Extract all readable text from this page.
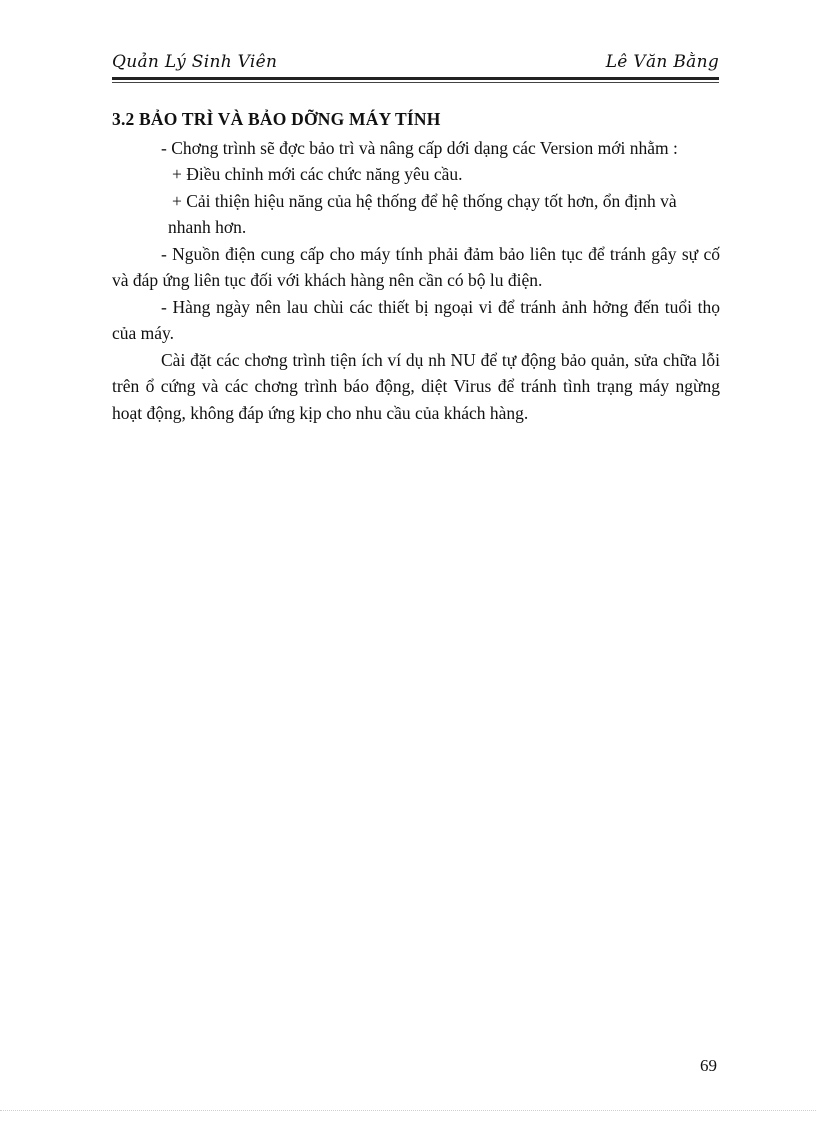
Quản Lý Sinh Viên	Lê Văn Bằng

3.2 BẢO TRÌ VÀ BẢO DỠNG MÁY TÍNH

- Chơng trình sẽ đợc bảo trì và nâng cấp dới dạng các Version mới nhằm :

+ Điều chỉnh mới các chức năng yêu cầu.

+ Cải thiện hiệu năng của hệ thống để hệ thống chạy tốt hơn, ổn định và nhanh hơn.

- Nguồn điện cung cấp cho máy tính phải đảm bảo liên tục để tránh gây sự cố và đáp ứng liên tục đối với khách hàng nên cần có bộ lu điện.

- Hàng ngày nên lau chùi các thiết bị ngoại vi để tránh ảnh hởng đến tuổi thọ của máy.

Cài đặt các chơng trình tiện ích ví dụ nh NU để tự động bảo quản, sửa chữa lỗi trên ổ cứng và các chơng trình báo động, diệt Virus để tránh tình trạng máy ngừng hoạt động, không đáp ứng kịp cho nhu cầu của khách hàng.

69
